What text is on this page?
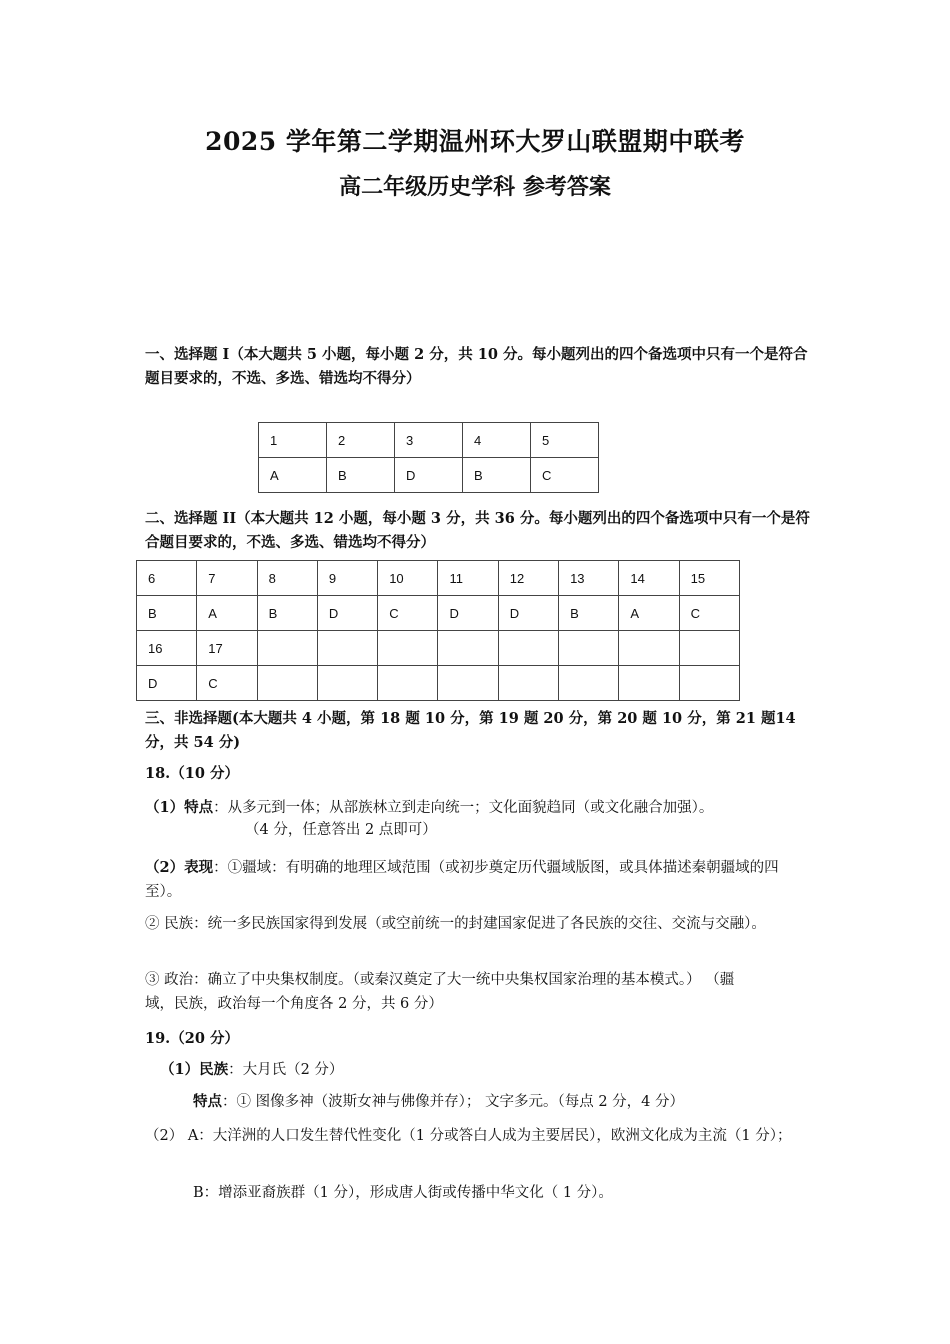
2025 学年第二学期温州环大罗山联盟期中联考
高二年级历史学科 参考答案
一、选择题 I（本大题共 5 小题，每小题 2 分，共 10 分。每小题列出的四个备选项中只有一个是符合题目要求的，不选、多选、错选均不得分）
1	2	3	4	5
A	B	D	B	C
二、选择题 II（本大题共 12 小题，每小题 3 分，共 36 分。每小题列出的四个备选项中只有一个是符合题目要求的，不选、多选、错选均不得分）
6	7	8	9	10	11	12	13	14	15
B	A	B	D	C	D	D	B	A	C
16	17								
D	C								
三、非选择题(本大题共 4 小题，第 18 题 10 分，第 19 题 20 分，第 20 题 10 分，第 21 题14 分，共 54 分)
18.（10 分）
（1）特点：从多元到一体；从部族林立到走向统一；文化面貌趋同（或文化融合加强）。
（4 分，任意答出 2 点即可）
（2）表现：①疆域：有明确的地理区域范围（或初步奠定历代疆域版图，或具体描述秦朝疆域的四至）。
② 民族：统一多民族国家得到发展（或空前统一的封建国家促进了各民族的交往、交流与交融）。
③ 政治：确立了中央集权制度。（或秦汉奠定了大一统中央集权国家治理的基本模式。） （疆域，民族，政治每一个角度各 2 分，共 6 分）
19.（20 分）
（1）民族：大月氏（2 分）
特点：① 图像多神（波斯女神与佛像并存）； 文字多元。（每点 2 分，4 分）
（2） A：大洋洲的人口发生替代性变化（1 分或答白人成为主要居民），欧洲文化成为主流（1 分）；
B：增添亚裔族群（1 分），形成唐人街或传播中华文化（ 1 分）。
